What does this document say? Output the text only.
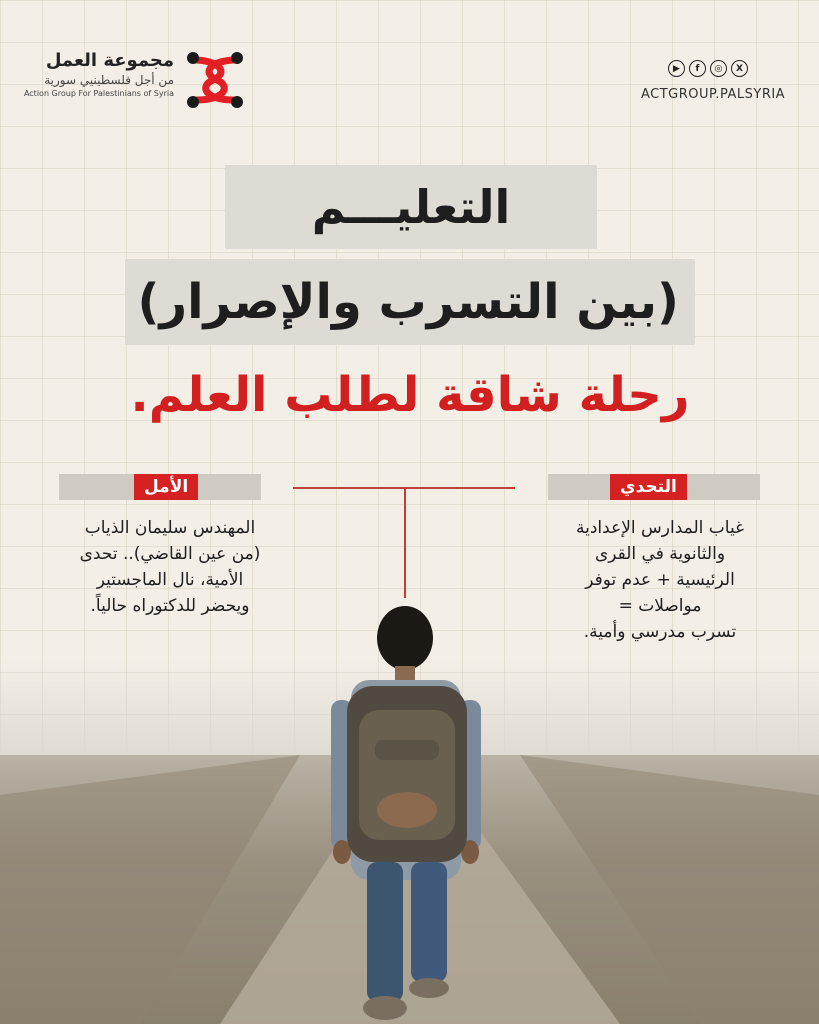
مجموعة العمل
من أجل فلسطينيي سورية
Action Group For Palestinians of Syria
▶	f	◎	X
ACTGROUP.PALSYRIA
التعليـــم
(بين التسرب والإصرار)
رحلة شاقة لطلب العلم.
الأمل	التحدي
المهندس سليمان الذياب
(من عين القاضي).. تحدى
الأمية، نال الماجستير
ويحضر للدكتوراه حالياً.
غياب المدارس الإعدادية
والثانوية في القرى
الرئيسية + عدم توفر
مواصلات =
تسرب مدرسي وأمية.
